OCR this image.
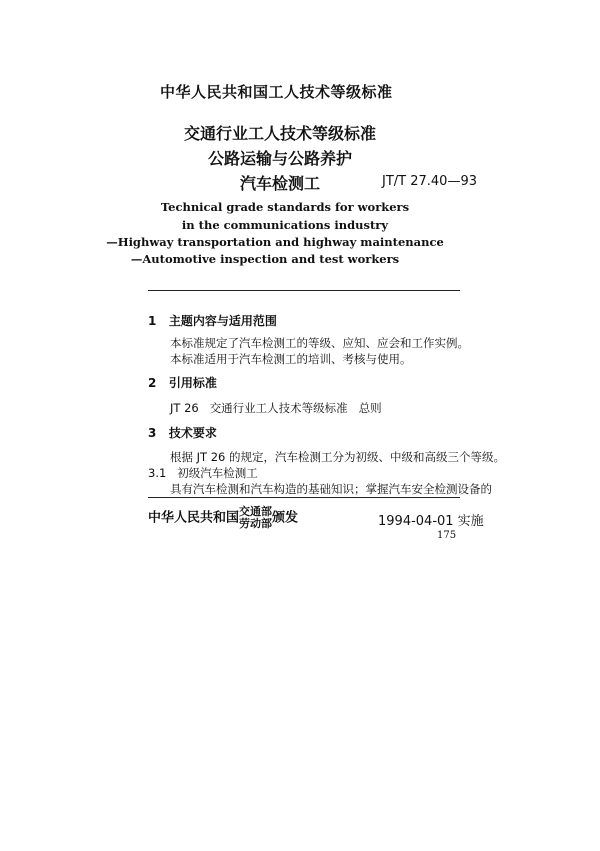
中华人民共和国工人技术等级标准
交通行业工人技术等级标准
公路运输与公路养护
汽车检测工	JT/T 27.40—93
Technical grade standards for workers
in the communications industry
—Highway transportation and highway maintenance
—Automotive inspection and test workers
1 主题内容与适用范围
本标准规定了汽车检测工的等级、应知、应会和工作实例。
本标准适用于汽车检测工的培训、考核与使用。
2 引用标准
JT 26 交通行业工人技术等级标准 总则
3 技术要求
根据 JT 26 的规定，汽车检测工分为初级、中级和高级三个等级。
3.1 初级汽车检测工
具有汽车检测和汽车构造的基础知识；掌握汽车安全检测设备的
中华人民共和国交通部
劳动部颁发	1994-04-01 实施
175
